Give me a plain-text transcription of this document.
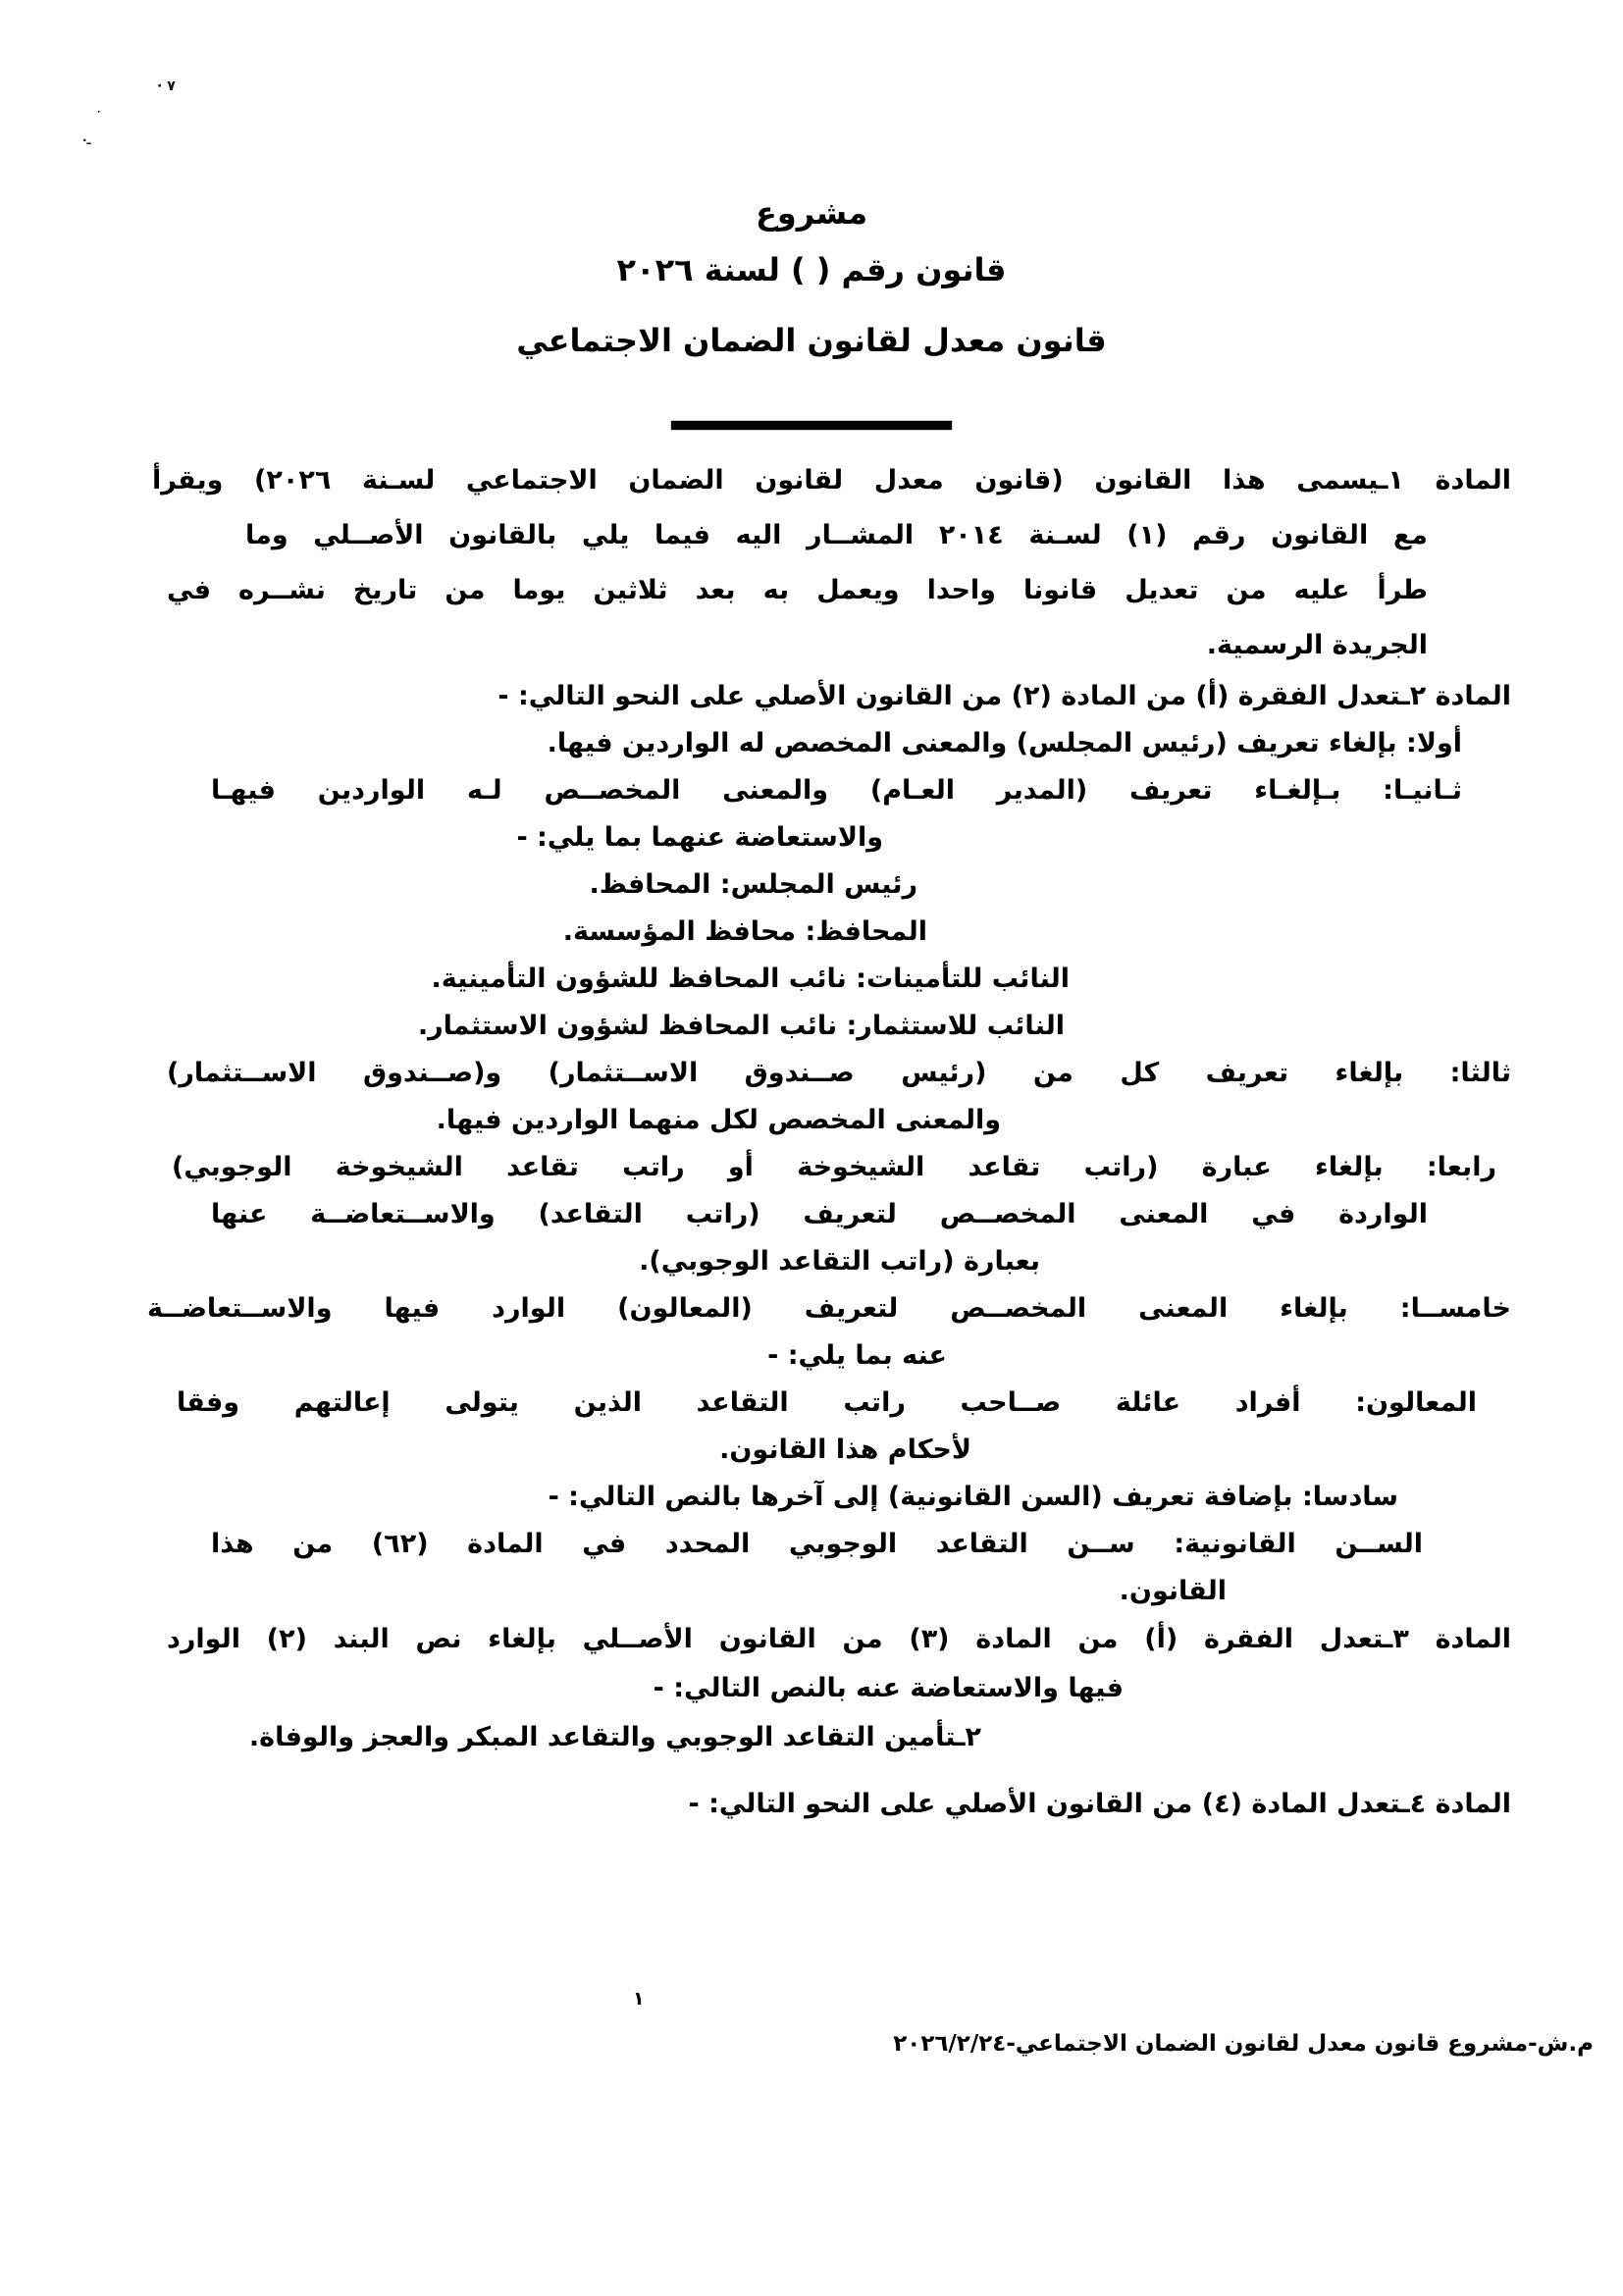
٧ ·
·
ـ·
مشروع
قانون رقم ( ) لسنة ٢٠٢٦
قانون معدل لقانون الضمان الاجتماعي
المادة ١ـيسمى هذا القانون (قانون معدل لقانون الضمان الاجتماعي لسـنة ٢٠٢٦) ويقرأ
مع القانون رقم (١) لسـنة ٢٠١٤ المشــار اليه فيما يلي بالقانون الأصــلي وما
طرأ عليه من تعديل قانونا واحدا ويعمل به بعد ثلاثين يوما من تاريخ نشــره في
الجريدة الرسمية.
المادة ٢ـتعدل الفقرة (أ) من المادة (٢) من القانون الأصلي على النحو التالي: -
أولا: بإلغاء تعريف (رئيس المجلس) والمعنى المخصص له الواردين فيها.
ثـانيـا: بـإلغـاء تعريف (المدير العـام) والمعنى المخصــص لـه الواردين فيهـا
والاستعاضة عنهما بما يلي: -
رئيس المجلس: المحافظ.
المحافظ: محافظ المؤسسة.
النائب للتأمينات: نائب المحافظ للشؤون التأمينية.
النائب للاستثمار: نائب المحافظ لشؤون الاستثمار.
ثالثا: بإلغاء تعريف كل من (رئيس صــندوق الاســتثمار) و(صــندوق الاســتثمار)
والمعنى المخصص لكل منهما الواردين فيها.
رابعا: بإلغاء عبارة (راتب تقاعد الشيخوخة أو راتب تقاعد الشيخوخة الوجوبي)
الواردة في المعنى المخصــص لتعريف (راتب التقاعد) والاســتعاضــة عنها
بعبارة (راتب التقاعد الوجوبي).
خامســا: بإلغاء المعنى المخصــص لتعريف (المعالون) الوارد فيها والاســتعاضــة
عنه بما يلي: -
المعالون: أفراد عائلة صــاحب راتب التقاعد الذين يتولى إعالتهم وفقا
لأحكام هذا القانون.
سادسا: بإضافة تعريف (السن القانونية) إلى آخرها بالنص التالي: -
الســن القانونية: ســن التقاعد الوجوبي المحدد في المادة (٦٢) من هذا
القانون.
المادة ٣ـتعدل الفقرة (أ) من المادة (٣) من القانون الأصــلي بإلغاء نص البند (٢) الوارد
فيها والاستعاضة عنه بالنص التالي: -
٢ـتأمين التقاعد الوجوبي والتقاعد المبكر والعجز والوفاة.
المادة ٤ـتعدل المادة (٤) من القانون الأصلي على النحو التالي: -
١
م.ش-مشروع قانون معدل لقانون الضمان الاجتماعي-٢٠٢٦/٢/٢٤
